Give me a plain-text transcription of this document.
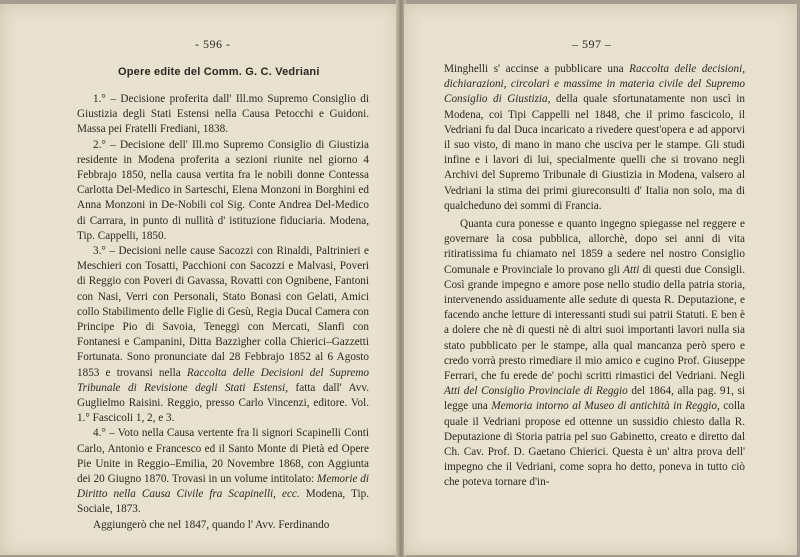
- 596 -
Opere edite del Comm. G. C. Vedriani

1.° – Decisione proferita dall' Ill.mo Supremo Consiglio di Giustizia degli Stati Estensi nella Causa Petocchi e Guidoni. Massa pei Fratelli Frediani, 1838.

2.° – Decisione dell' Ill.mo Supremo Consiglio di Giustizia residente in Modena proferita a sezioni riunite nel giorno 4 Febbrajo 1850, nella causa vertita fra le nobili donne Contessa Carlotta Del-Medico in Sarteschi, Elena Monzoni in Borghini ed Anna Monzoni in De-Nobili col Sig. Conte Andrea Del-Medico di Carrara, in punto di nullità d' istituzione fiduciaria. Modena, Tip. Cappelli, 1850.

3.° – Decisioni nelle cause Sacozzi con Rinaldi, Paltrinieri e Meschieri con Tosatti, Pacchioni con Sacozzi e Malvasi, Poveri di Reggio con Poveri di Gavassa, Rovatti con Ognibene, Fantoni con Nasi, Verri con Personali, Stato Bonasi con Gelati, Amici collo Stabilimento delle Figlie di Gesù, Regia Ducal Camera con Principe Pio di Savoia, Teneggi con Mercati, Slanfi con Fontanesi e Campanini, Ditta Bazzigher colla Chierici–Gazzetti Fortunata. Sono pronunciate dal 28 Febbrajo 1852 al 6 Agosto 1853 e trovansi nella Raccolta delle Decisioni del Supremo Tribunale di Revisione degli Stati Estensi, fatta dall' Avv. Guglielmo Raisini. Reggio, presso Carlo Vincenzi, editore. Vol. 1.° Fascicoli 1, 2, e 3.

4.° – Voto nella Causa vertente fra li signori Scapinelli Conti Carlo, Antonio e Francesco ed il Santo Monte di Pietà ed Opere Pie Unite in Reggio–Emilia, 20 Novembre 1868, con Aggiunta dei 20 Giugno 1870. Trovasi in un volume intitolato: Memorie di Diritto nella Causa Civile fra Scapinelli, ecc. Modena, Tip. Sociale, 1873.

Aggiungerò che nel 1847, quando l' Avv. Ferdinando

– 597 –

Minghelli s' accinse a pubblicare una Raccolta delle decisioni, dichiarazioni, circolari e massime in materia civile del Supremo Consiglio di Giustizia, della quale sfortunatamente non uscì in Modena, coi Tipi Cappelli nel 1848, che il primo fascicolo, il Vedriani fu dal Duca incaricato a rivedere quest'opera e ad apporvi il suo visto, di mano in mano che usciva per le stampe. Gli studi infine e i lavori di lui, specialmente quelli che si trovano negli Archivi del Supremo Tribunale di Giustizia in Modena, valsero al Vedriani la stima dei primi giureconsulti d' Italia non solo, ma di qualcheduno dei sommi di Francia.

Quanta cura ponesse e quanto ingegno spiegasse nel reggere e governare la cosa pubblica, allorchè, dopo sei anni di vita ritiratissima fu chiamato nel 1859 a sedere nel nostro Consiglio Comunale e Provinciale lo provano gli Atti di questi due Consigli. Così grande impegno e amore pose nello studio della patria storia, intervenendo assiduamente alle sedute di questa R. Deputazione, e facendo anche letture di interessanti studi sui patrii Statuti. E ben è a dolere che nè di questi nè di altri suoi importanti lavori nulla sia stato pubblicato per le stampe, alla qual mancanza però spero e credo vorrà presto rimediare il mio amico e cugino Prof. Giuseppe Ferrari, che fu erede de' pochi scritti rimastici del Vedriani. Negli Atti del Consiglio Provinciale di Reggio del 1864, alla pag. 91, si legge una Memoria intorno al Museo di antichità in Reggio, colla quale il Vedriani propose ed ottenne un sussidio chiesto dalla R. Deputazione di Storia patria pel suo Gabinetto, creato e diretto dal Ch. Cav. Prof. D. Gaetano Chierici. Questa è un' altra prova dell' impegno che il Vedriani, come sopra ho detto, poneva in tutto ciò che poteva tornare d'in-
